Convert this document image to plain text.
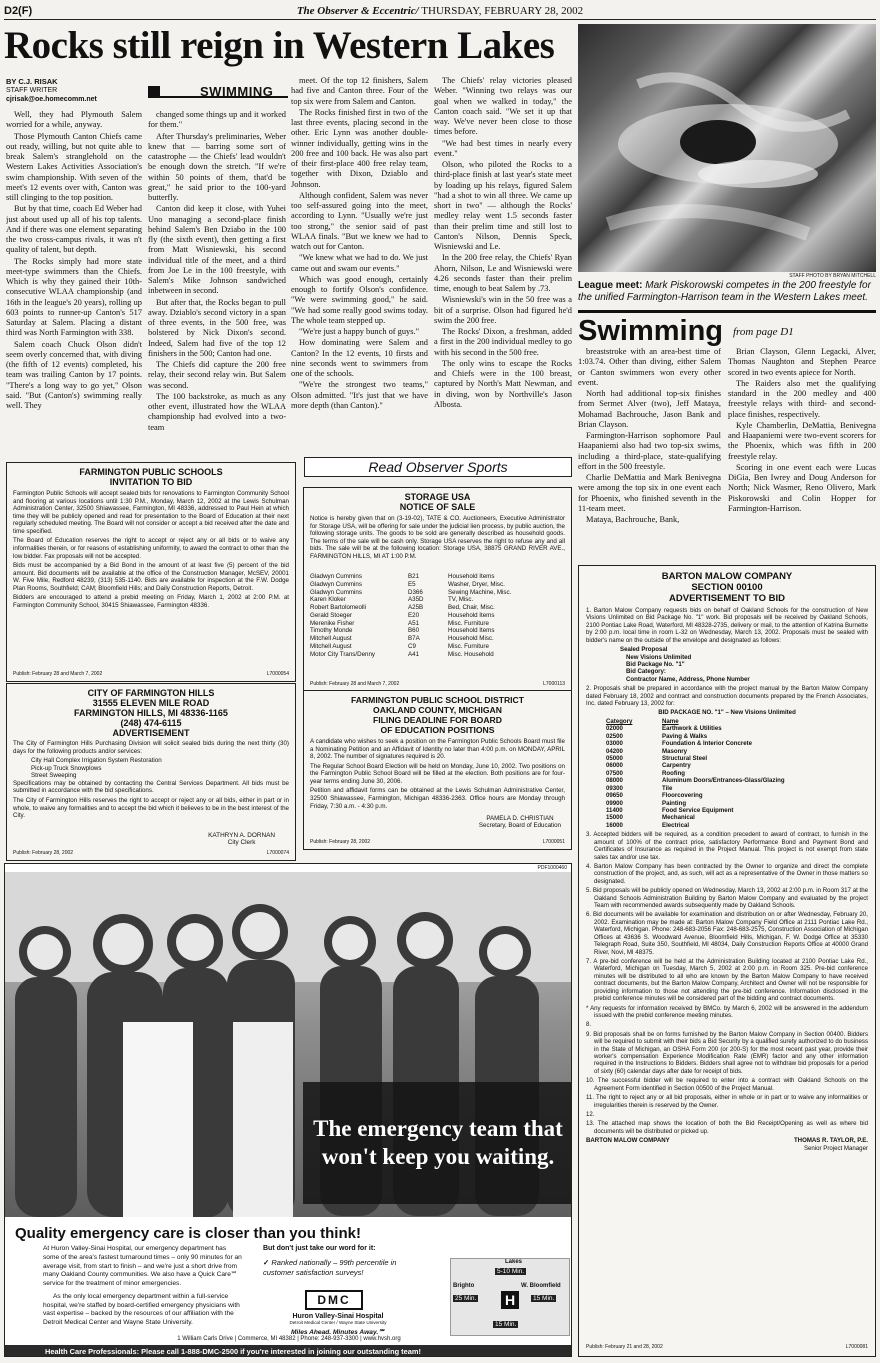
D2(F)	The Observer & Eccentric/ THURSDAY, FEBRUARY 28, 2002
Rocks still reign in Western Lakes
BY C.J. RISAK
STAFF WRITER
cjrisak@oe.homecomm.net
SWIMMING

Well, they had Plymouth Salem worried for a while, anyway.

Those Plymouth Canton Chiefs came out ready, willing, but not quite able to break Salem's stranglehold on the Western Lakes Activities Association's swim championship. With seven of the meet's 12 events over with, Canton was still clinging to the top position.

But by that time, coach Ed Weber had just about used up all of his top talents. And if there was one element separating the two cross-campus rivals, it was n't quality of talent, but depth.

The Rocks simply had more state meet-type swimmers than the Chiefs. Which is why they gained their 10th-consecutive WLAA championship (and 16th in the league's 20 years), rolling up 603 points to runner-up Canton's 517 Saturday at Salem. Placing a distant third was North Farmington with 338.

Salem coach Chuck Olson didn't seem overly concerned that, with diving (the fifth of 12 events) completed, his team was trailing Canton by 17 points. "There's a long way to go yet," Olson said. "But (Canton's) swimming really well. They

changed some things up and it worked for them."

After Thursday's preliminaries, Weber knew that — barring some sort of catastrophe — the Chiefs' lead wouldn't be enough down the stretch. "If we're within 50 points of them, that'd be great," he said prior to the 100-yard butterfly.

Canton did keep it close, with Yuhei Uno managing a second-place finish behind Salem's Ben Dziabo in the 100 fly (the sixth event), then getting a first from Matt Wisniewski, his second individual title of the meet, and a third from Joe Le in the 100 freestyle, with Salem's Mike Johnson sandwiched inbetween in second.

But after that, the Rocks began to pull away. Dziablo's second victory in a span of three events, in the 500 free, was bolstered by Nick Dixon's second. Indeed, Salem had five of the top 12 finishers in the 500; Canton had one.

The Chiefs did capture the 200 free relay, their second relay win. But Salem was second.

The 100 backstroke, as much as any other event, illustrated how the WLAA championship had evolved into a two-team

meet. Of the top 12 finishers, Salem had five and Canton three. Four of the top six were from Salem and Canton.

The Rocks finished first in two of the last three events, placing second in the other. Eric Lynn was another double-winner individually, getting wins in the 200 free and 100 back. He was also part of their first-place 400 free relay team, together with Dixon, Dziablo and Johnson.

Although confident, Salem was never too self-assured going into the meet, according to Lynn. "Usually we're just too strong," the senior said of past WLAA finals. "But we knew we had to watch out for Canton.

"We knew what we had to do. We just came out and swam our events."

Which was good enough, certainly enough to fortify Olson's confidence. "We were swimming good," he said. "We had some really good swims today. The whole team stepped up.

"We're just a happy bunch of guys."

How dominating were Salem and Canton? In the 12 events, 10 firsts and nine seconds went to swimmers from one of the schools.

"We're the strongest two teams," Olson admitted. "It's just that we have more depth (than Canton)."

The Chiefs' relay victories pleased Weber. "Winning two relays was our goal when we walked in today," the Canton coach said. "We set it up that way. We've never been close to those times before.

"We had best times in nearly every event."

Olson, who piloted the Rocks to a third-place finish at last year's state meet by loading up his relays, figured Salem "had a shot to win all three. We came up short in two" — although the Rocks' medley relay went 1.5 seconds faster than their prelim time and still lost to Canton's Nilson, Dennis Speck, Wisniewski and Le.

In the 200 free relay, the Chiefs' Ryan Ahorn, Nilson, Le and Wisniewski were 4.26 seconds faster than their prelim time, enough to beat Salem by .73.

Wisniewski's win in the 50 free was a bit of a surprise. Olson had figured he'd swim the 200 free.

The Rocks' Dixon, a freshman, added a first in the 200 individual medley to go with his second in the 500 free.

The only wins to escape the Rocks and Chiefs were in the 100 breast, captured by North's Matt Newman, and in diving, won by Northville's Jason Albosta.

STAFF PHOTO BY BRYAN MITCHELL
League meet: Mark Piskorowski competes in the 200 freestyle for the unified Farmington-Harrison team in the Western Lakes meet.
Swimming from page D1

breaststroke with an area-best time of 1:03.74. Other than diving, either Salem or Canton swimmers won every other event.

North had additional top-six finishes from Sermet Alver (two), Jeff Mataya, Mohamad Bachrouche, Jason Bank and Brian Clayson.

Farmington-Harrison sophomore Paul Haapaniemi also had two top-six swims, including a third-place, state-qualifying effort in the 500 freestyle.

Charlie DeMattia and Mark Benivegna were among the top six in one event each for Phoenix, who finished seventh in the 11-team meet.

Mataya, Bachrouche, Bank,

Brian Clayson, Glenn Legacki, Alver, Thomas Naughton and Stephen Pearce scored in two events apiece for North.

The Raiders also met the qualifying standard in the 200 medley and 400 freestyle relays with third- and second-place finishes, respectively.

Kyle Chamberlin, DeMattia, Benivegna and Haapaniemi were two-event scorers for the Phoenix, which was fifth in 200 freestyle relay.

Scoring in one event each were Lucas DiGia, Ben Iwrey and Doug Anderson for North; Nick Wasmer, Reno Olivero, Mark Piskorowski and Colin Hopper for Farmington-Harrison.

Read Observer Sports
FARMINGTON PUBLIC SCHOOLS
INVITATION TO BID

Farmington Public Schools will accept sealed bids for renovations to Farmington Community School and flooring at various locations until 1:30 P.M., Monday, March 12, 2002 at the Lewis Schulman Administration Center, 32500 Shiawassee, Farmington, MI 48336, addressed to Paul Hein at which time they will be publicly opened and read for presentation to the Board of Education at their next regularly scheduled meeting. The Board will not consider or accept a bid received after the date and time specified.

The Board of Education reserves the right to accept or reject any or all bids or to waive any informalities therein, or for reasons of establishing uniformity, to award the contract to other than the low bidder. Fax proposals will not be accepted.

Bids must be accompanied by a Bid Bond in the amount of at least five (5) percent of the bid amount. Bid documents will be available at the office of the Construction Manager, McSEV, 20001 W. Five Mile, Redford 48239, (313) 535-1140. Bids are available for inspection at the F.W. Dodge Plan Rooms, Southfield; CAM; Bloomfield Hills; and Daily Construction Reports, Detroit.

Bidders are encouraged to attend a prebid meeting on Friday, March 1, 2002 at 2:00 P.M. at Farmington Community School, 30415 Shiawassee, Farmington 48336.

Publish: February 28 and March 7, 2002	L7000054
STORAGE USA
NOTICE OF SALE
Notice is hereby given that on (3-19-02), TATE & CO. Auctioneers, Executive Administrator for Storage USA, will be offering for sale under the judicial lien process, by public auction, the following storage units. The goods to be sold are generally described as household goods. The terms of the sale will be cash only. Storage USA reserves the right to refuse any and all bids. The sale will be at the following location: Storage USA, 38875 GRAND RIVER AVE., FARMINGTON HILLS, MI AT 1:00 P.M.
Gladwyn Cummins	B21	Household Items
Gladwyn Cummins	E5	Washer, Dryer, Misc.
Gladwyn Cummins	D366	Sewing Machine, Misc.
Karen Kloker	A35D	TV, Misc.
Robert Bartolomeolli	A25B	Bed, Chair, Misc.
Gerald Stoeger	E20	Household Items
Merenike Fisher	A51	Misc. Furniture
Timothy Monde	B60	Household Items
Mitchell August	B7A	Household Misc.
Mitchell August	C9	Misc. Furniture
Motor City Trans/Denny	A41	Misc. Household
Publish: February 28 and March 7, 2002	L7000113
BARTON MALOW COMPANY
SECTION 00100
ADVERTISEMENT TO BID

1. Barton Malow Company requests bids on behalf of Oakland Schools for the construction of New Visions Unlimited on Bid Package No. "1" work. Bid proposals will be received by Oakland Schools, 2100 Pontiac Lake Road, Waterford, MI 48328-2735, delivery or mail, to the attention of Katrina Burnette by 2:00 p.m. local time in room L-32 on Wednesday, March 13, 2002. Proposals must be sealed with bidder's name on the outside of the envelope and designated as follows:

Sealed Proposal
New Visions Unlimited
Bid Package No. "1"
Bid Category:
Contractor Name, Address, Phone Number

2. Proposals shall be prepared in accordance with the project manual by the Barton Malow Company dated February 18, 2002 and contract and construction documents prepared by the French Associates, Inc. dated February 13, 2002 for:

BID PACKAGE NO. "1" – New Visions Unlimited
Category	Name
02000	Earthwork & Utilities
02500	Paving & Walks
03000	Foundation & Interior Concrete
04200	Masonry
05000	Structural Steel
06000	Carpentry
07500	Roofing
08000	Aluminum Doors/Entrances-Glass/Glazing
09300	Tile
09650	Floorcovering
09900	Painting
11400	Food Service Equipment
15000	Mechanical
16000	Electrical

3. Accepted bidders will be required, as a condition precedent to award of contract, to furnish in the amount of 100% of the contract price, satisfactory Performance Bond and Payment Bond and Certificates of Insurance as required in the Project Manual. This project is not exempt from state sales tax and/or use tax.

4. Barton Malow Company has been contracted by the Owner to organize and direct the complete construction of the project, and, as such, will act as a representative of the Owner in those matters so designated.

5. Bid proposals will be publicly opened on Wednesday, March 13, 2002 at 2:00 p.m. in Room 317 at the Oakland Schools Administration Building by Barton Malow Company and evaluated by the project Team with recommended awards subsequently made by Oakland Schools.

6. Bid documents will be available for examination and distribution on or after Wednesday, February 20, 2002. Examination may be made at: Barton Malow Company Field Office at 2111 Pontiac Lake Rd., Waterford, Michigan. Phone: 248-683-2056 Fax: 248-683-2575, Construction Association of Michigan Offices at 43636 S. Woodward Avenue, Bloomfield Hills, Michigan, F. W. Dodge Office at 35330 Telegraph Road, Suite 350, Southfield, MI 48034, Daily Construction Reports Office at 40000 Grand River, Novi, MI 48375.

7. A pre-bid conference will be held at the Administration Building located at 2100 Pontiac Lake Rd., Waterford, Michigan on Tuesday, March 5, 2002 at 2:00 p.m. in Room 325. Pre-bid conference minutes will be distributed to all who are known by the Barton Malow Company to have received contract documents, but the Barton Malow Company, Architect and Owner will not be responsible for providing information to those not attending the pre-bid conference. Information disclosed in the prebid conference minutes will be considered part of the bidding and contract documents.

* Any requests for information received by BMCo. by March 6, 2002 will be answered in the addendum issued with the prebid conference meeting minutes.

8.

9. Bid proposals shall be on forms furnished by the Barton Malow Company in Section 00400. Bidders will be required to submit with their bids a Bid Security by a qualified surety authorized to do business in the State of Michigan, an OSHA Form 200 (or 200-S) for the most recent past year, provide their worker's compensation Experience Modification Rate (EMR) factor and any other information required in the Instructions to Bidders. Bidders shall agree not to withdraw bid proposals for a period of sixty (60) calendar days after date for receipt of bids.

10. The successful bidder will be required to enter into a contract with Oakland Schools on the Agreement Form identified in Section 00500 of the Project Manual.

11. The right to reject any or all bid proposals, either in whole or in part or to waive any informalities or irregularities therein is reserved by the Owner.

12.

13. The attached map shows the location of both the Bid Receipt/Opening as well as where bid documents will be distributed or picked up.

BARTON MALOW COMPANY	THOMAS R. TAYLOR, P.E.
Senior Project Manager
Publish: February 21 and 28, 2002	L7000081
CITY OF FARMINGTON HILLS
31555 ELEVEN MILE ROAD
FARMINGTON HILLS, MI 48336-1165
(248) 474-6115
ADVERTISEMENT

The City of Farmington Hills Purchasing Division will solicit sealed bids during the next thirty (30) days for the following products and/or services:

City Hall Complex Irrigation System Restoration
Pick-up Truck Snowplows
Street Sweeping

Specifications may be obtained by contacting the Central Services Department. All bids must be submitted in accordance with the bid specifications.

The City of Farmington Hills reserves the right to accept or reject any or all bids, either in part or in whole, to waive any formalities and to accept the bid which it believes to be in the best interest of the City.

KATHRYN A. DORNAN
City Clerk
Publish: February 28, 2002	L7000074
FARMINGTON PUBLIC SCHOOL DISTRICT
OAKLAND COUNTY, MICHIGAN
FILING DEADLINE FOR BOARD
OF EDUCATION POSITIONS

A candidate who wishes to seek a position on the Farmington Public Schools Board must file a Nominating Petition and an Affidavit of Identity no later than 4:00 p.m. on MONDAY, APRIL 8, 2002. The number of signatures required is 20.

The Regular School Board Election will be held on Monday, June 10, 2002. Two positions on the Farmington Public School Board will be filled at the election. Both positions are for four-year terms ending June 30, 2006.

Petition and affidavit forms can be obtained at the Lewis Schulman Administrative Center, 32500 Shiawassee, Farmington, Michigan 48336-2363. Office hours are Monday through Friday, 7:30 a.m. - 4:30 p.m.

PAMELA D. CHRISTIAN
Secretary, Board of Education
Publish: February 28, 2002	L7000051
PDF1000460
The emergency team that won't keep you waiting.
Quality emergency care is closer than you think!

At Huron Valley-Sinai Hospital, our emergency department has some of the area's fastest turnaround times – only 90 minutes for an average visit, from start to finish – and we're just a short drive from many Oakland County communities. We also have a Quick Care℠ service for the treatment of minor emergencies.

As the only local emergency department within a full-service hospital, we're staffed by board-certified emergency physicians with vast expertise – backed by the resources of our affiliation with the Detroit Medical Center and Wayne State University.

But don't just take our word for it:
✓ Ranked nationally – 99th percentile in customer satisfaction surveys!
DMC
Huron Valley-Sinai Hospital
Detroit Medical Center / Wayne State University
Miles Ahead. Minutes Away.℠
Lakes
5-10 Min.
Brighto	W. Bloomfield
25 Min. H	15 Min.
15 Min.
1 William Carls Drive | Commerce, MI 48382 | Phone: 248-937-3300 | www.hvsh.org
Health Care Professionals: Please call 1-888-DMC-2500 if you're interested in joining our outstanding team!
